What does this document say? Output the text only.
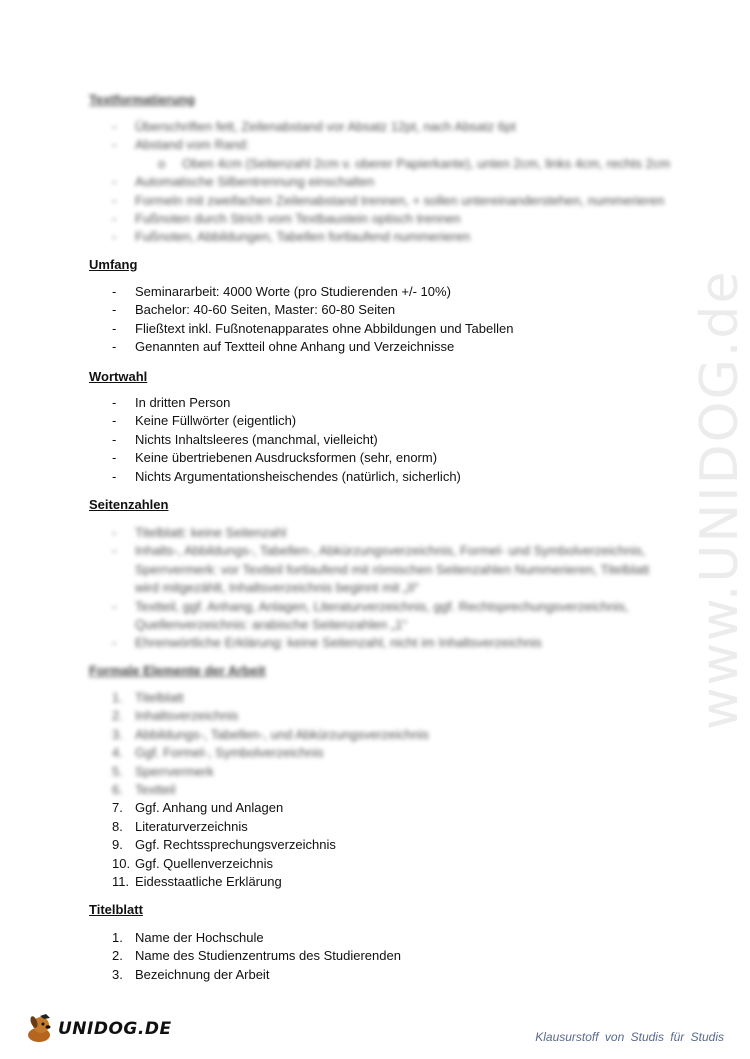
www.UNIDOG.de
Textformatierung
- Überschriften fett, Zeilenabstand vor Absatz 12pt, nach Absatz 6pt
- Abstand vom Rand:
o Oben 4cm (Seitenzahl 2cm v. oberer Papierkante), unten 2cm, links 4cm, rechts 2cm
- Automatische Silbentrennung einschalten
- Formeln mit zweifachen Zeilenabstand trennen, + sollen untereinanderstehen, nummerieren
- Fußnoten durch Strich vom Textbaustein optisch trennen
- Fußnoten, Abbildungen, Tabellen fortlaufend nummerieren
Umfang
- Seminararbeit: 4000 Worte (pro Studierenden +/- 10%)
- Bachelor: 40-60 Seiten, Master: 60-80 Seiten
- Fließtext inkl. Fußnotenapparates ohne Abbildungen und Tabellen
- Genannten auf Textteil ohne Anhang und Verzeichnisse
Wortwahl
- In dritten Person
- Keine Füllwörter (eigentlich)
- Nichts Inhaltsleeres (manchmal, vielleicht)
- Keine übertriebenen Ausdrucksformen (sehr, enorm)
- Nichts Argumentationsheischendes (natürlich, sicherlich)
Seitenzahlen
- Titelblatt: keine Seitenzahl
- Inhalts-, Abbildungs-, Tabellen-, Abkürzungsverzeichnis, Formel- und Symbolverzeichnis,
Sperrvermerk: vor Textteil fortlaufend mit römischen Seitenzahlen Nummerieren, Titelblatt
wird mitgezählt, Inhaltsverzeichnis beginnt mit „II“
- Textteil, ggf. Anhang, Anlagen, Literaturverzeichnis, ggf. Rechtsprechungsverzeichnis,
Quellenverzeichnis: arabische Seitenzahlen „1“
- Ehrenwörtliche Erklärung: keine Seitenzahl, nicht im Inhaltsverzeichnis
Formale Elemente der Arbeit
1. Titelblatt
2. Inhaltsverzeichnis
3. Abbildungs-, Tabellen-, und Abkürzungsverzeichnis
4. Ggf. Formel-, Symbolverzeichnis
5. Sperrvermerk
6. Textteil
7. Ggf. Anhang und Anlagen
8. Literaturverzeichnis
9. Ggf. Rechtssprechungsverzeichnis
10. Ggf. Quellenverzeichnis
11. Eidesstaatliche Erklärung
Titelblatt
1. Name der Hochschule
2. Name des Studienzentrums des Studierenden
3. Bezeichnung der Arbeit
UNIDOG.DE	Klausurstoff von Studis für Studis
